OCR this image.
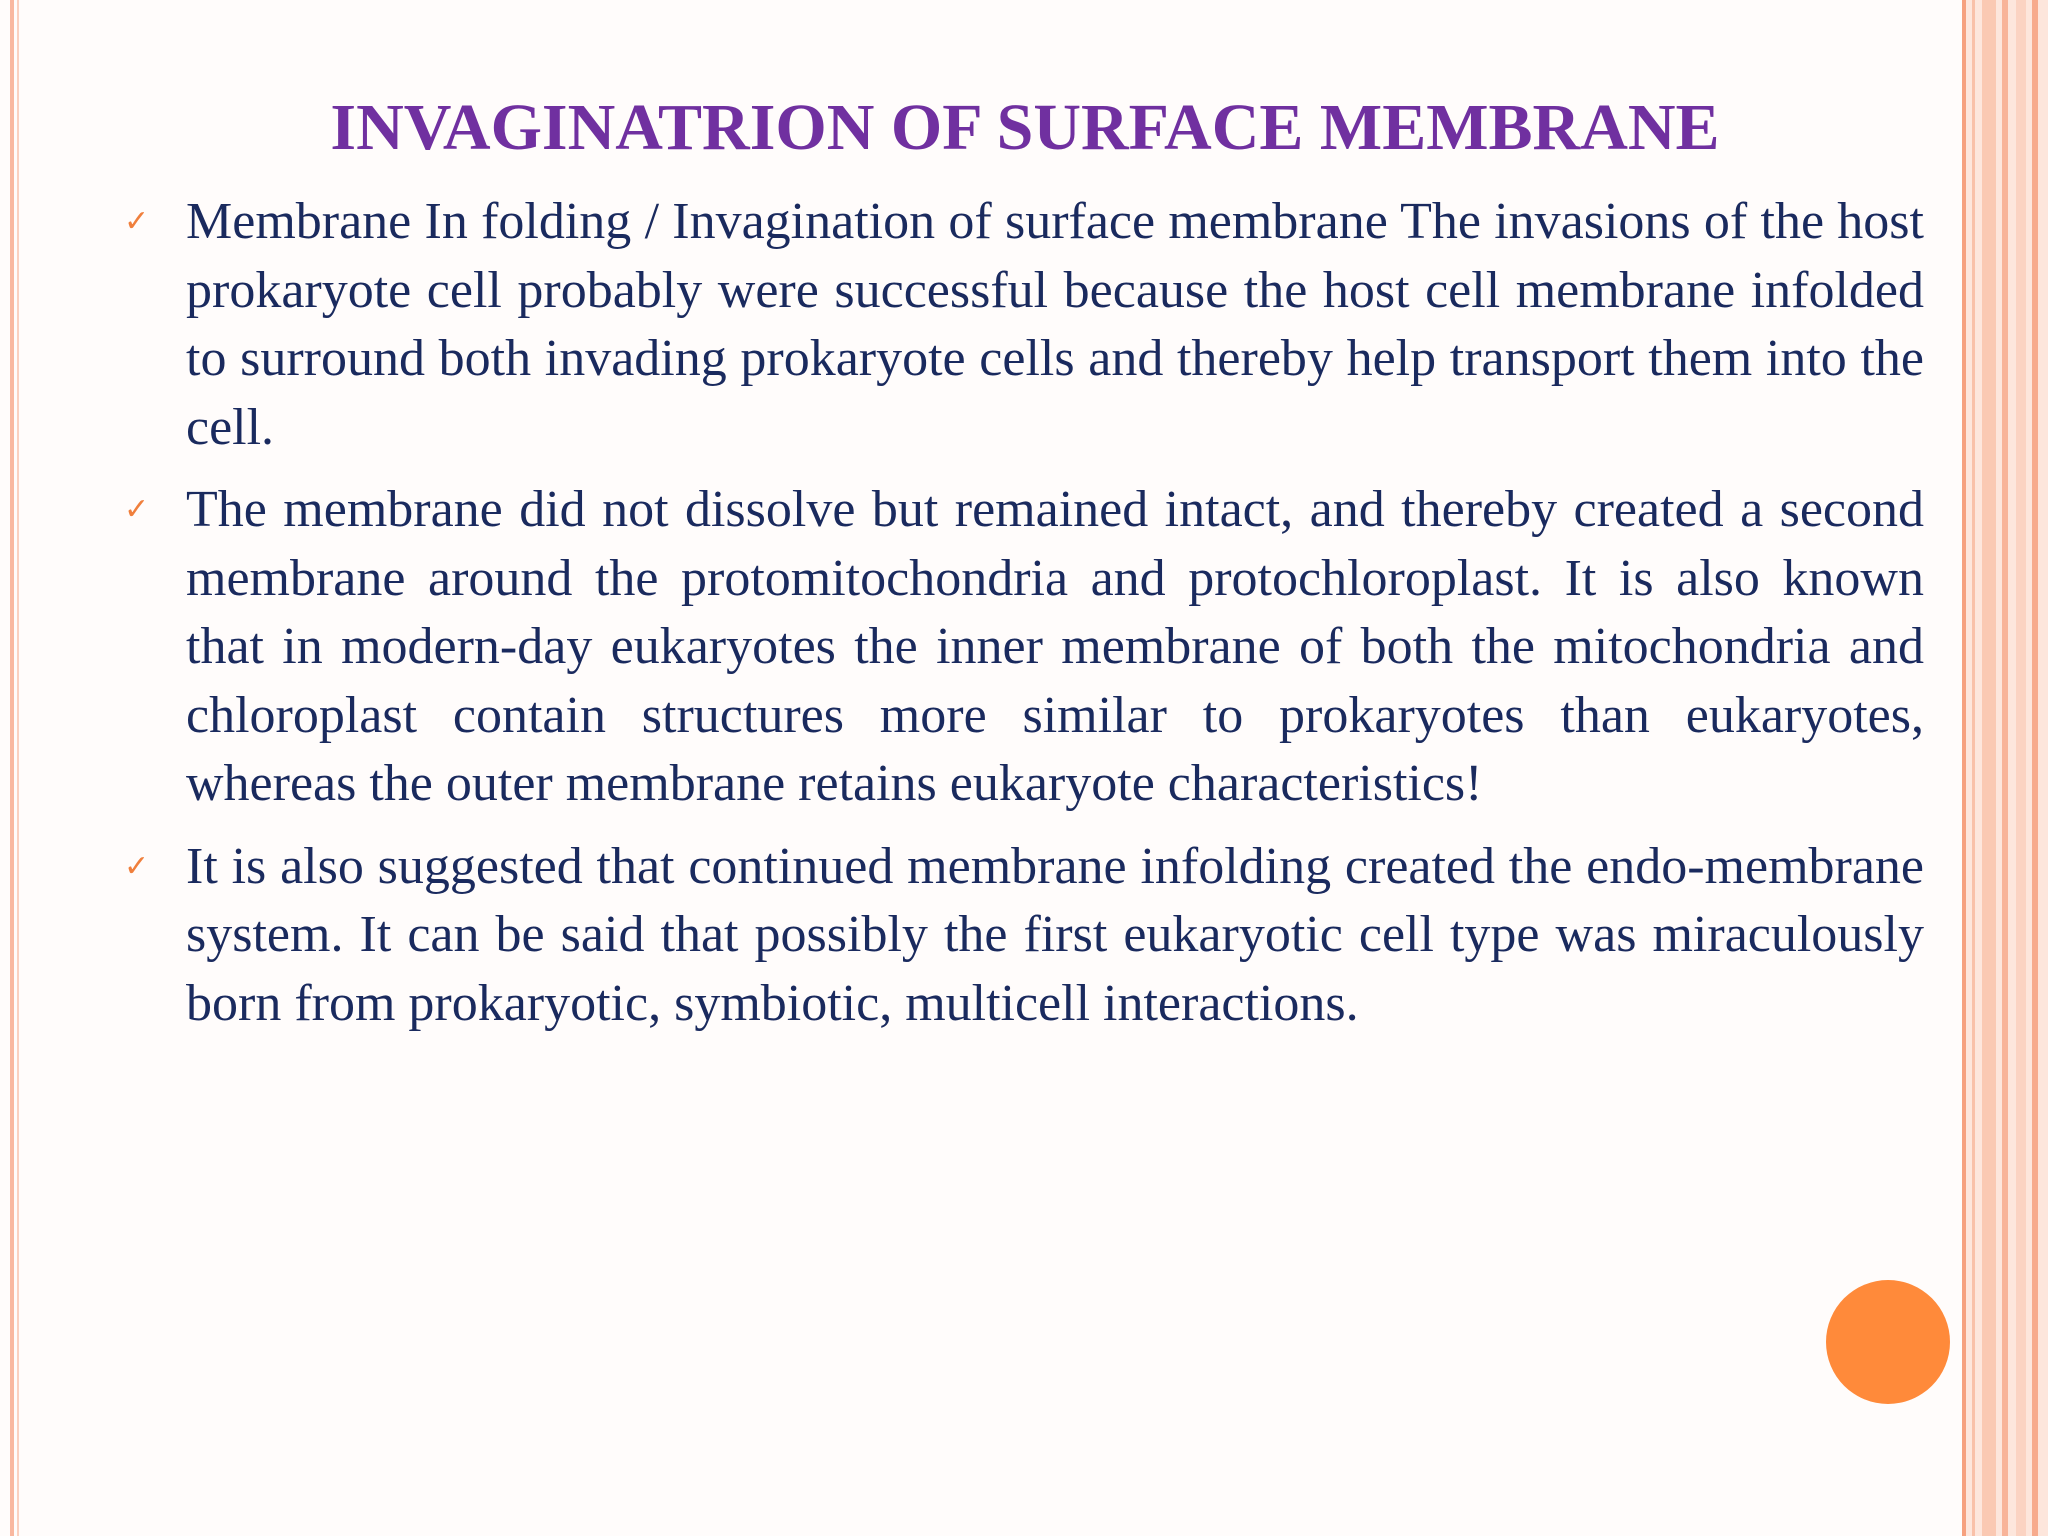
INVAGINATRION OF SURFACE MEMBRANE
✓ Membrane In folding / Invagination of surface membrane The invasions of the host prokaryote cell probably were successful because the host cell membrane infolded to surround both invading prokaryote cells and thereby help transport them into the cell.
✓ The membrane did not dissolve but remained intact, and thereby created a second membrane around the protomitochondria and protochloroplast. It is also known that in modern-day eukaryotes the inner membrane of both the mitochondria and chloroplast contain structures more similar to prokaryotes than eukaryotes, whereas the outer membrane retains eukaryote characteristics!
✓ It is also suggested that continued membrane infolding created the endo-membrane system. It can be said that possibly the first eukaryotic cell type was miraculously born from prokaryotic, symbiotic, multicell interactions.
